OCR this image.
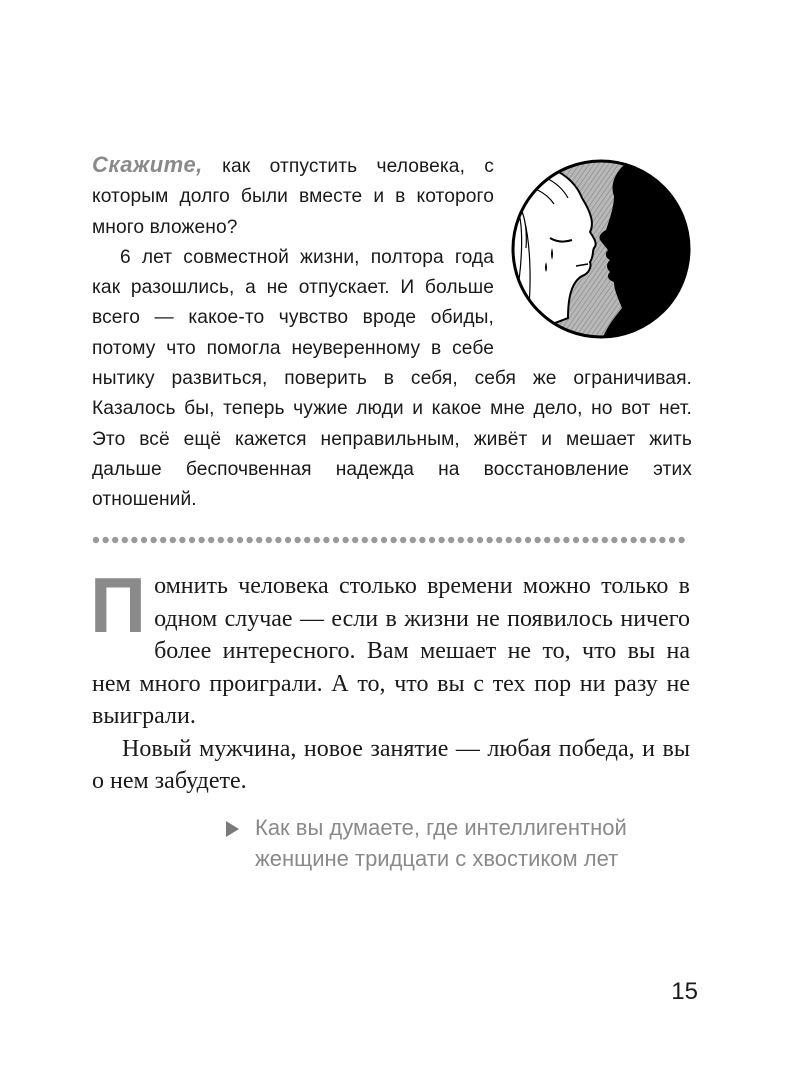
Скажите, как отпустить человека, с которым долго были вместе и в которого много вложено?

6 лет совместной жизни, полтора года как разошлись, а не отпускает. И больше всего — какое-то чувство вроде обиды, потому что помогла неуверенному в себе нытику развиться, поверить в себя, себя же ограничивая. Казалось бы, теперь чужие люди и какое мне дело, но вот нет. Это всё ещё кажется неправильным, живёт и мешает жить дальше беспочвенная надежда на восстановление этих отношений.

П омнить человека столько времени можно только в одном случае — если в жизни не появилось ничего более интересного. Вам мешает не то, что вы на нем много проиграли. А то, что вы с тех пор ни разу не выиграли.

Новый мужчина, новое занятие — любая победа, и вы о нем забудете.

Как вы думаете, где интеллигентной
женщине тридцати с хвостиком лет
15
